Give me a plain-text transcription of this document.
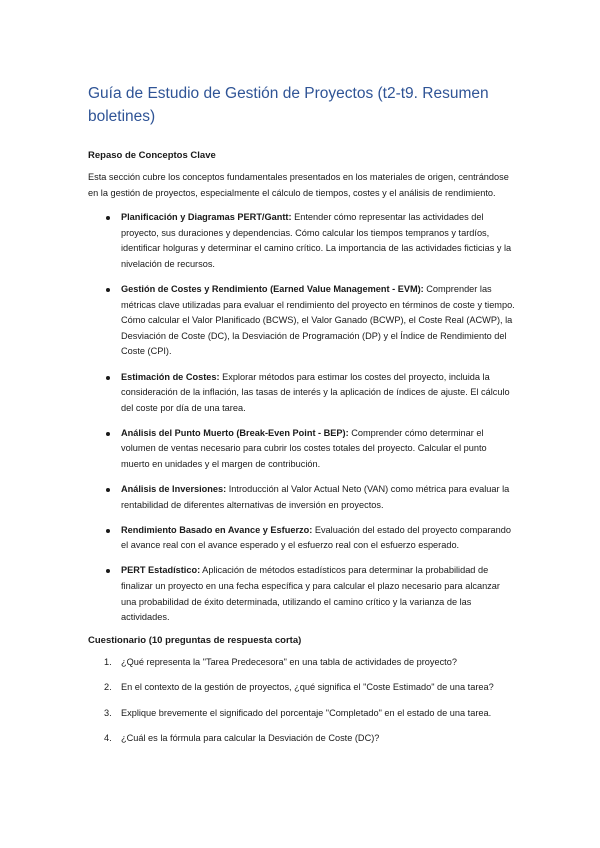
Guía de Estudio de Gestión de Proyectos (t2-t9. Resumen boletines)
Repaso de Conceptos Clave
Esta sección cubre los conceptos fundamentales presentados en los materiales de origen, centrándose en la gestión de proyectos, especialmente el cálculo de tiempos, costes y el análisis de rendimiento.
Planificación y Diagramas PERT/Gantt: Entender cómo representar las actividades del proyecto, sus duraciones y dependencias. Cómo calcular los tiempos tempranos y tardíos, identificar holguras y determinar el camino crítico. La importancia de las actividades ficticias y la nivelación de recursos.
Gestión de Costes y Rendimiento (Earned Value Management - EVM): Comprender las métricas clave utilizadas para evaluar el rendimiento del proyecto en términos de coste y tiempo. Cómo calcular el Valor Planificado (BCWS), el Valor Ganado (BCWP), el Coste Real (ACWP), la Desviación de Coste (DC), la Desviación de Programación (DP) y el Índice de Rendimiento del Coste (CPI).
Estimación de Costes: Explorar métodos para estimar los costes del proyecto, incluida la consideración de la inflación, las tasas de interés y la aplicación de índices de ajuste. El cálculo del coste por día de una tarea.
Análisis del Punto Muerto (Break-Even Point - BEP): Comprender cómo determinar el volumen de ventas necesario para cubrir los costes totales del proyecto. Calcular el punto muerto en unidades y el margen de contribución.
Análisis de Inversiones: Introducción al Valor Actual Neto (VAN) como métrica para evaluar la rentabilidad de diferentes alternativas de inversión en proyectos.
Rendimiento Basado en Avance y Esfuerzo: Evaluación del estado del proyecto comparando el avance real con el avance esperado y el esfuerzo real con el esfuerzo esperado.
PERT Estadístico: Aplicación de métodos estadísticos para determinar la probabilidad de finalizar un proyecto en una fecha específica y para calcular el plazo necesario para alcanzar una probabilidad de éxito determinada, utilizando el camino crítico y la varianza de las actividades.
Cuestionario (10 preguntas de respuesta corta)
1. ¿Qué representa la "Tarea Predecesora" en una tabla de actividades de proyecto?
2. En el contexto de la gestión de proyectos, ¿qué significa el "Coste Estimado" de una tarea?
3. Explique brevemente el significado del porcentaje "Completado" en el estado de una tarea.
4. ¿Cuál es la fórmula para calcular la Desviación de Coste (DC)?
